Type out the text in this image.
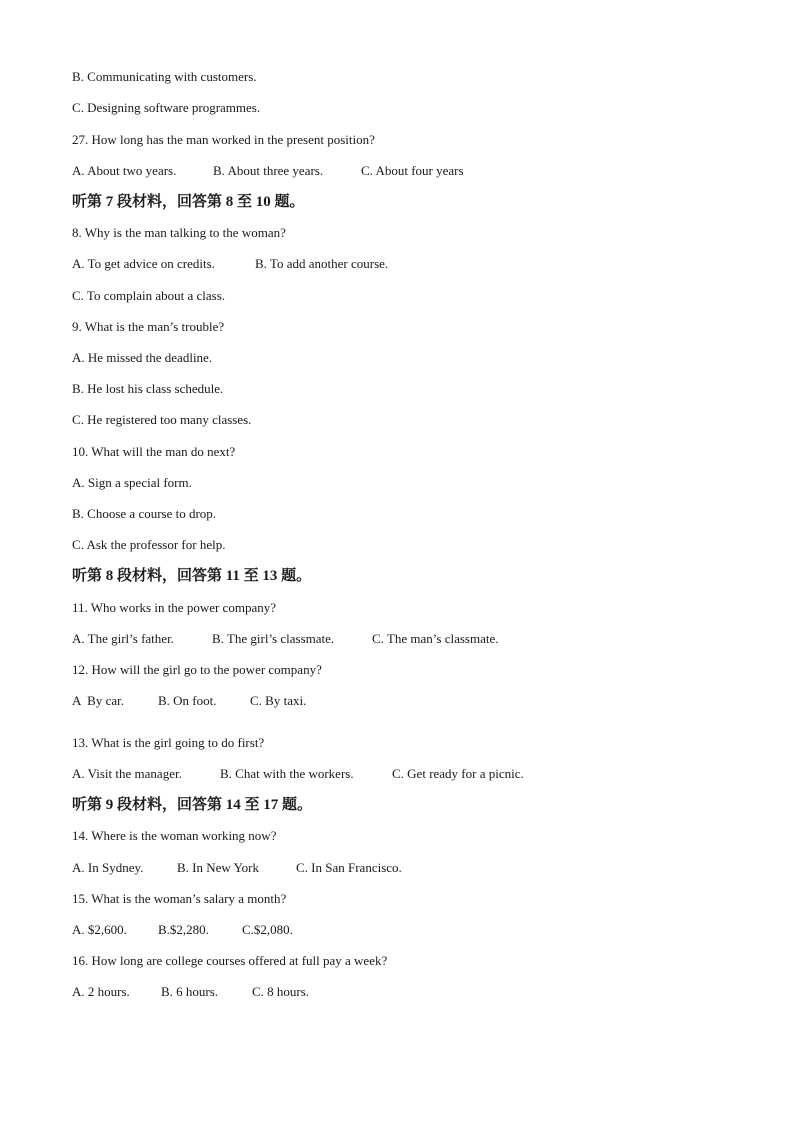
B. Communicating with customers.
C. Designing software programmes.
27. How long has the man worked in the present position?
A. About two years.	B. About three years.	C. About four years
听第 7 段材料，回答第 8 至 10 题。
8. Why is the man talking to the woman?
A. To get advice on credits.	B. To add another course.
C. To complain about a class.
9. What is the man’s trouble?
A. He missed the deadline.
B. He lost his class schedule.
C. He registered too many classes.
10. What will the man do next?
A. Sign a special form.
B. Choose a course to drop.
C. Ask the professor for help.
听第 8 段材料，回答第 11 至 13 题。
11. Who works in the power company?
A. The girl’s father.	B. The girl’s classmate.	C. The man’s classmate.
12. How will the girl go to the power company?
A  By car.	B. On foot.	C. By taxi.
13. What is the girl going to do first?
A. Visit the manager.	B. Chat with the workers.	C. Get ready for a picnic.
听第 9 段材料，回答第 14 至 17 题。
14. Where is the woman working now?
A. In Sydney.	B. In New York	C. In San Francisco.
15. What is the woman’s salary a month?
A. $2,600. B.$2,280.	C.$2,080.
16. How long are college courses offered at full pay a week?
A. 2 hours. B. 6 hours.	C. 8 hours.
